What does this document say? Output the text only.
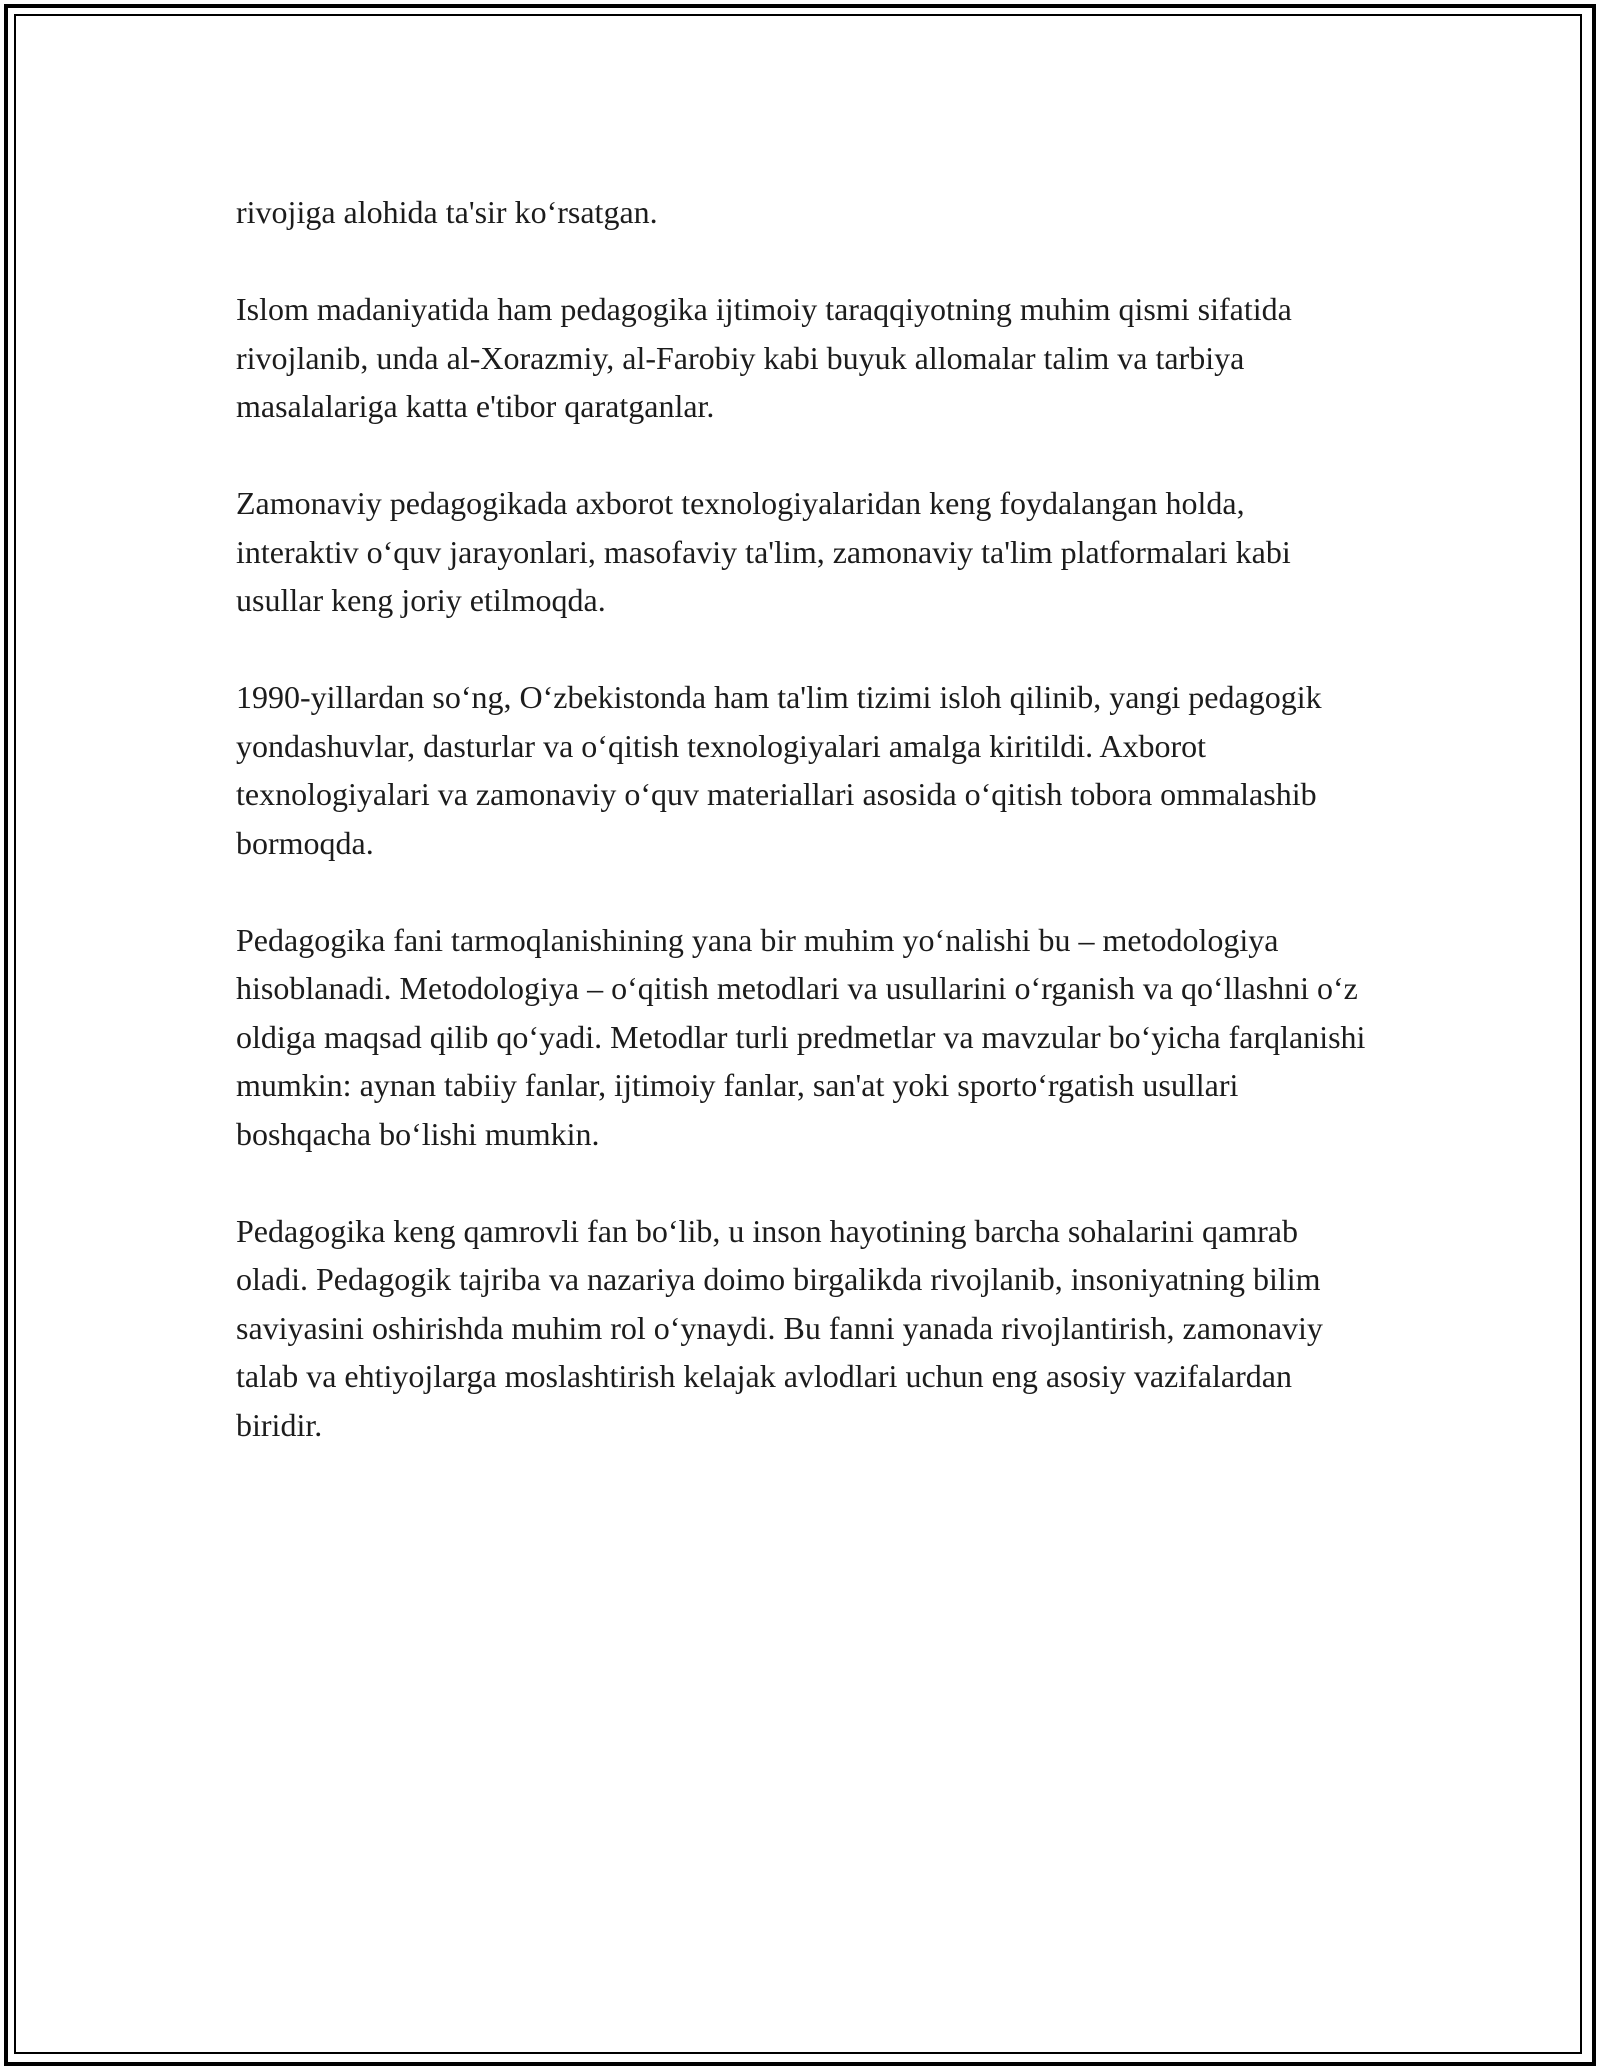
rivojiga alohida ta'sir ko‘rsatgan.

Islom madaniyatida ham pedagogika ijtimoiy taraqqiyotning muhim qismi sifatida rivojlanib, unda al-Xorazmiy, al-Farobiy kabi buyuk allomalar talim va tarbiya masalalariga katta e'tibor qaratganlar.

Zamonaviy pedagogikada axborot texnologiyalaridan keng foydalangan holda, interaktiv o‘quv jarayonlari, masofaviy ta'lim, zamonaviy ta'lim platformalari kabi usullar keng joriy etilmoqda.

1990-yillardan so‘ng, O‘zbekistonda ham ta'lim tizimi isloh qilinib, yangi pedagogik yondashuvlar, dasturlar va o‘qitish texnologiyalari amalga kiritildi. Axborot texnologiyalari va zamonaviy o‘quv materiallari asosida o‘qitish tobora ommalashib bormoqda.

Pedagogika fani tarmoqlanishining yana bir muhim yo‘nalishi bu – metodologiya hisoblanadi. Metodologiya – o‘qitish metodlari va usullarini o‘rganish va qo‘llashni o‘z oldiga maqsad qilib qo‘yadi. Metodlar turli predmetlar va mavzular bo‘yicha farqlanishi mumkin: aynan tabiiy fanlar, ijtimoiy fanlar, san'at yoki sporto‘rgatish usullari boshqacha bo‘lishi mumkin.

Pedagogika keng qamrovli fan bo‘lib, u inson hayotining barcha sohalarini qamrab oladi. Pedagogik tajriba va nazariya doimo birgalikda rivojlanib, insoniyatning bilim saviyasini oshirishda muhim rol o‘ynaydi. Bu fanni yanada rivojlantirish, zamonaviy talab va ehtiyojlarga moslashtirish kelajak avlodlari uchun eng asosiy vazifalardan biridir.
